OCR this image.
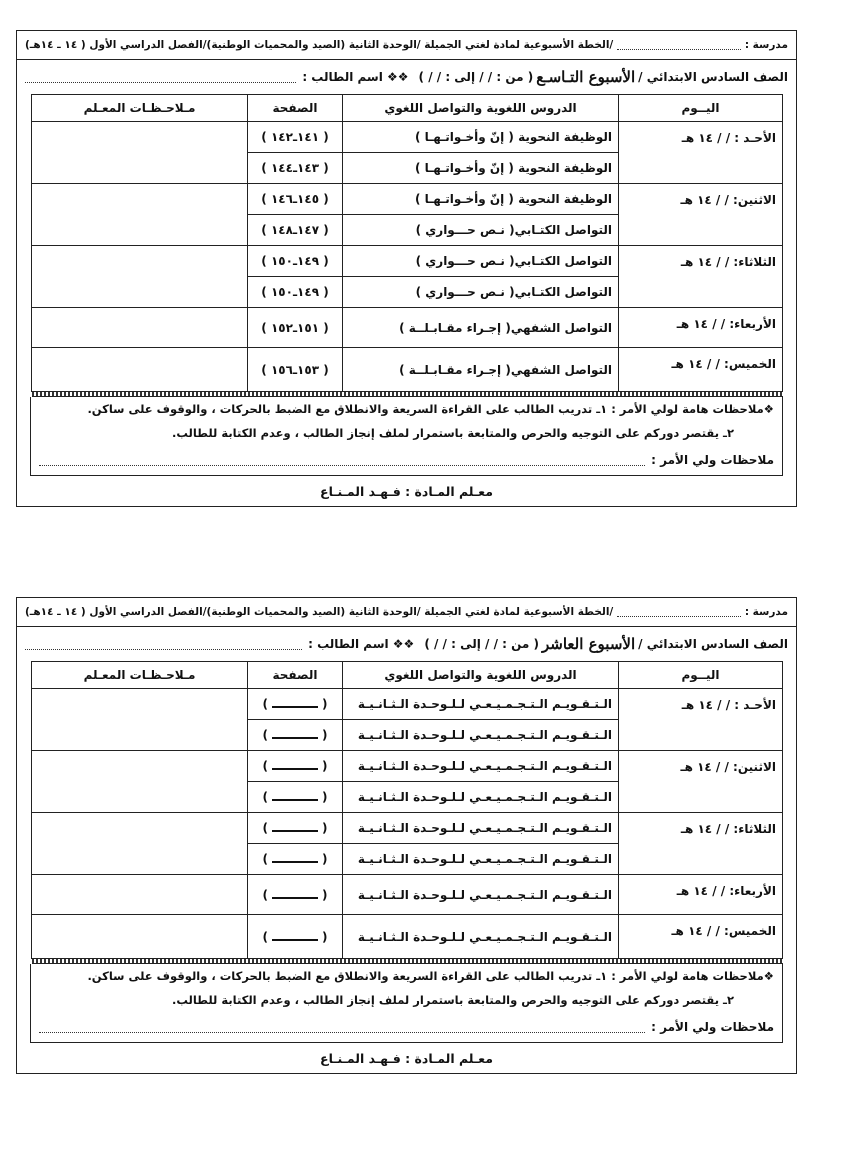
مدرسة :
/الخطة الأسبوعية لمادة لغتي الجميلة /الوحدة الثانية (الصيد والمحميات الوطنية)/الفصل الدراسي الأول ( ١٤ ـ ١٤هـ)
الصف السادس الابتدائي /
الأسبوع التـاسـع
( من : / / إلى : / / )
❖❖ اسم الطالب :
اليــوم	الدروس اللغوية والتواصل اللغوي	الصفحة	مـلاحـظـات المعـلم
الأحـد : / / ١٤ هـ	الوظيفة النحوية ( إنّ وأخـواتـهـا )	( ١٤١ـ١٤٢ )	
	الوظيفة النحوية ( إنّ وأخـواتـهـا )	( ١٤٣ـ١٤٤ )	
الاثنين: / / ١٤ هـ	الوظيفة النحوية ( إنّ وأخـواتـهـا )	( ١٤٥ـ١٤٦ )	
	التواصل الكتـابي( نـص حـــواري )	( ١٤٧ـ١٤٨ )	
الثلاثاء: / / ١٤ هـ	التواصل الكتـابي( نـص حـــواري )	( ١٤٩ـ١٥٠ )	
	التواصل الكتـابي( نـص حـــواري )	( ١٤٩ـ١٥٠ )	
الأربعاء: / / ١٤ هـ	التواصل الشفهي( إجـراء مقـابـلــة )	( ١٥١ـ١٥٢ )	
الخميس: / / ١٤ هـ	التواصل الشفهي( إجـراء مقـابـلــة )	( ١٥٣ـ١٥٦ )	

❖ملاحظات هامة لولي الأمر : ١ـ تدريب الطالب على القراءة السريعة والانطلاق مع الضبط بالحركات ، والوقوف على ساكن.
٢ـ يقتصر دوركم على التوجيه والحرص والمتابعة باستمرار لملف إنجاز الطالب ، وعدم الكتابة للطالب.
ملاحظات ولي الأمر :
معـلم المـادة : فـهـد المـنـاع
مدرسة :
/الخطة الأسبوعية لمادة لغتي الجميلة /الوحدة الثانية (الصيد والمحميات الوطنية)/الفصل الدراسي الأول ( ١٤ ـ ١٤هـ)
الصف السادس الابتدائي /
الأسبوع العاشر
( من : / / إلى : / / )
❖❖ اسم الطالب :
اليــوم	الدروس اللغوية والتواصل اللغوي	الصفحة	مـلاحـظـات المعـلم
الأحـد : / / ١٤ هـ	الـتـقـويـم الـتـجـمـيـعـي لـلـوحـدة الـثـانـيـة	()	
	الـتـقـويـم الـتـجـمـيـعـي لـلـوحـدة الـثـانـيـة	()	
الاثنين: / / ١٤ هـ	الـتـقـويـم الـتـجـمـيـعـي لـلـوحـدة الـثـانـيـة	()	
	الـتـقـويـم الـتـجـمـيـعـي لـلـوحـدة الـثـانـيـة	()	
الثلاثاء: / / ١٤ هـ	الـتـقـويـم الـتـجـمـيـعـي لـلـوحـدة الـثـانـيـة	()	
	الـتـقـويـم الـتـجـمـيـعـي لـلـوحـدة الـثـانـيـة	()	
الأربعاء: / / ١٤ هـ	الـتـقـويـم الـتـجـمـيـعـي لـلـوحـدة الـثـانـيـة	()	
الخميس: / / ١٤ هـ	الـتـقـويـم الـتـجـمـيـعـي لـلـوحـدة الـثـانـيـة	()	

❖ملاحظات هامة لولي الأمر : ١ـ تدريب الطالب على القراءة السريعة والانطلاق مع الضبط بالحركات ، والوقوف على ساكن.
٢ـ يقتصر دوركم على التوجيه والحرص والمتابعة باستمرار لملف إنجاز الطالب ، وعدم الكتابة للطالب.
ملاحظات ولي الأمر :
معـلم المـادة : فـهـد المـنـاع
